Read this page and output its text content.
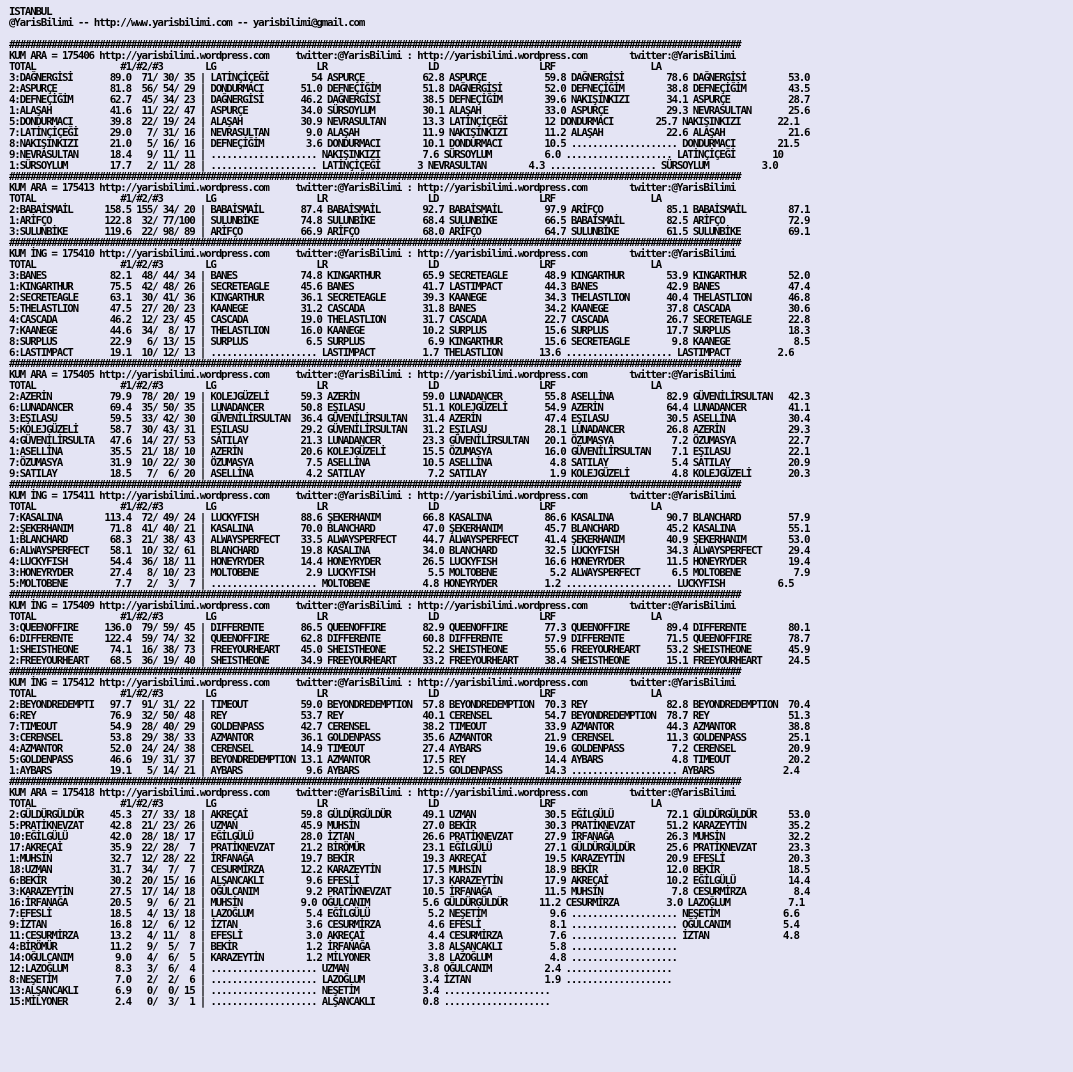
ISTANBUL
@YarisBilimi -- http://www.yarisbilimi.com -- yarisbilimi@gmail.com
##########################################################################################################################################
KUM ARA = 175406 http://yarisbilimi.wordpress.com     twitter:@YarisBilimi : http://yarisbilimi.wordpress.com        twitter:@YarisBilimi
TOTAL                #1/#2/#3        LG                   LR                   LD                   LRF                  LA
3:DAĞNERGİSİ       89.0  71/ 30/ 35 | LATİNÇİÇEĞİ        54 ASPURÇE           62.8 ASPURÇE           59.8 DAĞNERGİSİ        78.6 DAĞNERGİSİ        53.0
2:ASPURÇE          81.8  56/ 54/ 29 | DONDURMACI       51.0 DEFNEÇİĞİM        51.8 DAĞNERGİSİ        52.0 DEFNEÇİĞİM        38.8 DEFNEÇİĞİM        43.5
4:DEFNEÇİĞİM       62.7  45/ 34/ 23 | DAĞNERGİSİ       46.2 DAĞNERGİSİ        38.5 DEFNEÇİĞİM        39.6 NAKIŞINKIZI       34.1 ASPURÇE           28.7
1:ALAŞAH           41.6  11/ 22/ 47 | ASPURÇE          34.0 SÜRSOYLUM         30.1 ALAŞAH            33.0 ASPURÇE           29.3 NEVRASULTAN       25.6
5:DONDURMACI       39.8  22/ 19/ 24 | ALAŞAH           30.9 NEVRASULTAN       13.3 LATİNÇİÇEĞİ       12 DONDURMACI        25.7 NAKIŞINKIZI       22.1
7:LATİNÇİÇEĞİ      29.0   7/ 31/ 16 | NEVRASULTAN       9.0 ALAŞAH            11.9 NAKIŞINKIZI       11.2 ALAŞAH            22.6 ALAŞAH            21.6
8:NAKIŞINKIZI      21.0   5/ 16/ 16 | DEFNEÇİĞİM        3.6 DONDURMACI        10.1 DONDURMACI        10.5 .................... DONDURMACI        21.5
9:NEVRASULTAN      18.4   9/ 11/ 11 | .................... NAKIŞINKIZI        7.6 SÜRSOYLUM          6.0 .................... LATİNÇİÇEĞİ       10
1:SÜRSOYLUM        17.7   2/ 11/ 28 | .................... LATİNÇİÇEĞİ       3 NEVRASULTAN        4.3 .................... SÜRSOYLUM          3.0
##########################################################################################################################################
KUM ARA = 175413 http://yarisbilimi.wordpress.com     twitter:@YarisBilimi : http://yarisbilimi.wordpress.com        twitter:@YarisBilimi
TOTAL                #1/#2/#3        LG                   LR                   LD                   LRF                  LA
2:BABAİSMAİL      158.5 155/ 34/ 20 | BABAİSMAİL       87.4 BABAİSMAİL        92.7 BABAİSMAİL        97.9 ARİFÇO            85.1 BABAİSMAİL        87.1
1:ARİFÇO          122.8  32/ 77/100 | SULUNBİKE        74.8 SULUNBİKE         68.4 SULUNBİKE         66.5 BABAİSMAİL        82.5 ARİFÇO            72.9
3:SULUNBİKE       119.6  22/ 98/ 89 | ARİFÇO           66.9 ARİFÇO            68.0 ARİFÇO            64.7 SULUNBİKE         61.5 SULUNBİKE         69.1
##########################################################################################################################################
KUM İNG = 175410 http://yarisbilimi.wordpress.com     twitter:@YarisBilimi : http://yarisbilimi.wordpress.com        twitter:@YarisBilimi
TOTAL                #1/#2/#3        LG                   LR                   LD                   LRF                  LA
3:BANES            82.1  48/ 44/ 34 | BANES            74.8 KINGARTHUR        65.9 SECRETEAGLE       48.9 KINGARTHUR        53.9 KINGARTHUR        52.0
1:KINGARTHUR       75.5  42/ 48/ 26 | SECRETEAGLE      45.6 BANES             41.7 LASTIMPACT        44.3 BANES             42.9 BANES             47.4
2:SECRETEAGLE      63.1  30/ 41/ 36 | KINGARTHUR       36.1 SECRETEAGLE       39.3 KAANEGE           34.3 THELASTLION       40.4 THELASTLION       46.8
5:THELASTLION      47.5  27/ 20/ 23 | KAANEGE          31.2 CASCADA           31.8 BANES             34.2 KAANEGE           37.8 CASCADA           30.6
4:CASCADA          46.2  12/ 23/ 45 | CASCADA          19.0 THELASTLION       31.7 CASCADA           22.7 CASCADA           26.7 SECRETEAGLE       22.8
7:KAANEGE          44.6  34/  8/ 17 | THELASTLION      16.0 KAANEGE           10.2 SURPLUS           15.6 SURPLUS           17.7 SURPLUS           18.3
8:SURPLUS          22.9   6/ 13/ 15 | SURPLUS           6.5 SURPLUS            6.9 KINGARTHUR        15.6 SECRETEAGLE        9.8 KAANEGE            8.5
6:LASTIMPACT       19.1  10/ 12/ 13 | .................... LASTIMPACT         1.7 THELASTLION       13.6 .................... LASTIMPACT         2.6
##########################################################################################################################################
KUM ARA = 175405 http://yarisbilimi.wordpress.com     twitter:@YarisBilimi : http://yarisbilimi.wordpress.com        twitter:@YarisBilimi
TOTAL                #1/#2/#3        LG                   LR                   LD                   LRF                  LA
2:AZERİN           79.9  78/ 20/ 19 | KOLEJGÜZELİ      59.3 AZERİN            59.0 LUNADANCER        55.8 ASELLİNA          82.9 GÜVENİLİRSULTAN   42.3
6:LUNADANCER       69.4  35/ 50/ 35 | LUNADANCER       50.8 EŞILASU           51.1 KOLEJGÜZELİ       54.9 AZERİN            64.4 LUNADANCER        41.1
3:EŞILASU          59.5  33/ 42/ 30 | GÜVENİLİRSULTAN  36.4 GÜVENİLİRSULTAN   31.4 AZERİN            47.4 EŞILASU           30.5 ASELLİNA          30.4
5:KOLEJGÜZELİ      58.7  30/ 43/ 31 | EŞILASU          29.2 GÜVENİLİRSULTAN   31.2 EŞILASU           28.1 LUNADANCER        26.8 AZERİN            29.3
4:GÜVENİLİRSULTA   47.6  14/ 27/ 53 | SATILAY          21.3 LUNADANCER        23.3 GÜVENİLİRSULTAN   20.1 ÖZUMASYA           7.2 ÖZUMASYA          22.7
1:ASELLİNA         35.5  21/ 18/ 10 | AZERİN           20.6 KOLEJGÜZELİ       15.5 ÖZUMASYA          16.0 GÜVENİLİRSULTAN    7.1 EŞILASU           22.1
7:ÖZUMASYA         31.9  10/ 22/ 30 | ÖZUMASYA          7.5 ASELLİNA          10.5 ASELLİNA           4.8 SATILAY            5.4 SATILAY           20.9
9:SATILAY          18.5   7/  6/ 20 | ASELLİNA          4.2 SATILAY            7.2 SATILAY            1.9 KOLEJGÜZELİ        4.8 KOLEJGÜZELİ       20.3
##########################################################################################################################################
KUM İNG = 175411 http://yarisbilimi.wordpress.com     twitter:@YarisBilimi : http://yarisbilimi.wordpress.com        twitter:@YarisBilimi
TOTAL                #1/#2/#3        LG                   LR                   LD                   LRF                  LA
7:KASALINA        113.4  72/ 49/ 24 | LUCKYFISH        88.6 ŞEKERHANIM        66.8 KASALINA          86.6 KASALINA          90.7 BLANCHARD         57.9
2:ŞEKERHANIM       71.8  41/ 40/ 21 | KASALINA         70.0 BLANCHARD         47.0 ŞEKERHANIM        45.7 BLANCHARD         45.2 KASALINA          55.1
1:BLANCHARD        68.3  21/ 38/ 43 | ALWAYSPERFECT    33.5 ALWAYSPERFECT     44.7 ALWAYSPERFECT     41.4 ŞEKERHANIM        40.9 ŞEKERHANIM        53.0
6:ALWAYSPERFECT    58.1  10/ 32/ 61 | BLANCHARD        19.8 KASALINA          34.0 BLANCHARD         32.5 LUCKYFISH         34.3 ALWAYSPERFECT     29.4
4:LUCKYFISH        54.4  36/ 18/ 11 | HONEYRYDER       14.4 HONEYRYDER        26.5 LUCKYFISH         16.6 HONEYRYDER        11.5 HONEYRYDER        19.4
3:HONEYRYDER       27.4   8/ 10/ 23 | MOLTOBENE         2.9 LUCKYFISH          5.5 MOLTOBENE          5.2 ALWAYSPERFECT      6.5 MOLTOBENE          7.9
5:MOLTOBENE         7.7   2/  3/  7 | .................... MOLTOBENE          4.8 HONEYRYDER         1.2 .................... LUCKYFISH          6.5
##########################################################################################################################################
KUM İNG = 175409 http://yarisbilimi.wordpress.com     twitter:@YarisBilimi : http://yarisbilimi.wordpress.com        twitter:@YarisBilimi
TOTAL                #1/#2/#3        LG                   LR                   LD                   LRF                  LA
3:QUEENOFFIRE     136.0  79/ 59/ 45 | DIFFERENTE       86.5 QUEENOFFIRE       82.9 QUEENOFFIRE       77.3 QUEENOFFIRE       89.4 DIFFERENTE        80.1
6:DIFFERENTE      122.4  59/ 74/ 32 | QUEENOFFIRE      62.8 DIFFERENTE        60.8 DIFFERENTE        57.9 DIFFERENTE        71.5 QUEENOFFIRE       78.7
1:SHEISTHEONE      74.1  16/ 38/ 73 | FREEYOURHEART    45.0 SHEISTHEONE       52.2 SHEISTHEONE       55.6 FREEYOURHEART     53.2 SHEISTHEONE       45.9
2:FREEYOURHEART    68.5  36/ 19/ 40 | SHEISTHEONE      34.9 FREEYOURHEART     33.2 FREEYOURHEART     38.4 SHEISTHEONE       15.1 FREEYOURHEART     24.5
##########################################################################################################################################
KUM İNG = 175412 http://yarisbilimi.wordpress.com     twitter:@YarisBilimi : http://yarisbilimi.wordpress.com        twitter:@YarisBilimi
TOTAL                #1/#2/#3        LG                   LR                   LD                   LRF                  LA
2:BEYONDREDEMPTI   97.7  91/ 31/ 22 | TIMEOUT          59.0 BEYONDREDEMPTION  57.8 BEYONDREDEMPTION  70.3 REY               82.8 BEYONDREDEMPTION  70.4
6:REY              76.9  32/ 50/ 48 | REY              53.7 REY               40.1 CERENSEL          54.7 BEYONDREDEMPTION  78.7 REY               51.3
7:TIMEOUT          54.9  28/ 40/ 29 | GOLDENPASS       42.7 CERENSEL          38.2 TIMEOUT           33.9 AZMANTOR          44.3 AZMANTOR          38.8
3:CERENSEL         53.8  29/ 38/ 33 | AZMANTOR         36.1 GOLDENPASS        35.6 AZMANTOR          21.9 CERENSEL          11.3 GOLDENPASS        25.1
4:AZMANTOR         52.0  24/ 24/ 38 | CERENSEL         14.9 TIMEOUT           27.4 AYBARS            19.6 GOLDENPASS         7.2 CERENSEL          20.9
5:GOLDENPASS       46.6  19/ 31/ 37 | BEYONDREDEMPTION 13.1 AZMANTOR          17.5 REY               14.4 AYBARS             4.8 TIMEOUT           20.2
1:AYBARS           19.1   5/ 14/ 21 | AYBARS            9.6 AYBARS            12.5 GOLDENPASS        14.3 .................... AYBARS             2.4
##########################################################################################################################################
KUM ARA = 175418 http://yarisbilimi.wordpress.com     twitter:@YarisBilimi : http://yarisbilimi.wordpress.com        twitter:@YarisBilimi
TOTAL                #1/#2/#3        LG                   LR                   LD                   LRF                  LA
2:GÜLDÜRGÜLDÜR     45.3  27/ 33/ 18 | AKREÇAİ          59.8 GÜLDÜRGÜLDÜR      49.1 UZMAN             30.5 EĞİLGÜLÜ          72.1 GÜLDÜRGÜLDÜR      53.0
5:PRATİKNEVZAT     42.8  21/ 23/ 26 | UZMAN            45.9 MUHSİN            27.0 BEKİR             30.3 PRATİKNEVZAT      51.2 KARAZEYTİN        35.2
10:EĞİLGÜLÜ        42.0  28/ 18/ 17 | EĞİLGÜLÜ         28.0 İZTAN             26.6 PRATİKNEVZAT      27.9 İRFANAĞA          26.3 MUHSİN            32.2
17:AKREÇAİ         35.9  22/ 28/  7 | PRATİKNEVZAT     21.2 BİRÖMÜR           23.1 EĞİLGÜLÜ          27.1 GÜLDÜRGÜLDÜR      25.6 PRATİKNEVZAT      23.3
1:MUHSİN           32.7  12/ 28/ 22 | İRFANAĞA         19.7 BEKİR             19.3 AKREÇAİ           19.5 KARAZEYTİN        20.9 EFESLİ            20.3
18:UZMAN           31.7  34/  7/  7 | CESURMİRZA       12.2 KARAZEYTİN        17.5 MUHSİN            18.9 BEKİR             12.0 BEKİR             18.5
6:BEKİR            30.2  20/ 15/ 16 | ALŞANCAKLI        9.6 EFESLİ            17.3 KARAZEYTİN        17.9 AKREÇAİ           10.2 EĞİLGÜLÜ          14.4
3:KARAZEYTİN       27.5  17/ 14/ 18 | OĞULCANIM         9.2 PRATİKNEVZAT      10.5 İRFANAĞA          11.5 MUHSİN             7.8 CESURMİRZA         8.4
16:İRFANAĞA        20.5   9/  6/ 21 | MUHSİN           9.0 OĞULCANIM          5.6 GÜLDÜRGÜLDÜR      11.2 CESURMİRZA         3.0 LAZOĞLUM           7.1
7:EFESLİ           18.5   4/ 13/ 18 | LAZOĞLUM          5.4 EĞİLGÜLÜ           5.2 NEŞETİM            9.6 .................... NEŞETİM            6.6
9:İZTAN            16.8  12/  6/ 12 | İZTAN             3.6 CESURMİRZA         4.6 EFESLİ             8.1 .................... OĞULCANIM          5.4
11:CESURMİRZA      13.2   4/ 11/  8 | EFESLİ            3.0 AKREÇAİ            4.4 CESURMİRZA         7.6 .................... İZTAN              4.8
4:BİRÖMÜR          11.2   9/  5/  7 | BEKİR             1.2 İRFANAĞA           3.8 ALŞANCAKLI         5.8 ....................
14:OĞULCANIM        9.0   4/  6/  5 | KARAZEYTİN        1.2 MİLYONER           3.8 LAZOĞLUM           4.8 ....................
12:LAZOĞLUM         8.3   3/  6/  4 | .................... UZMAN              3.8 OĞULCANIM          2.4 ....................
8:NEŞETİM           7.0   2/  2/  6 | .................... LAZOĞLUM           3.4 İZTAN              1.9 ....................
13:ALŞANCAKLI       6.9   0/  0/ 15 | .................... NEŞETİM            3.4 ....................
15:MİLYONER         2.4   0/  3/  1 | .................... ALŞANCAKLI         0.8 ....................
